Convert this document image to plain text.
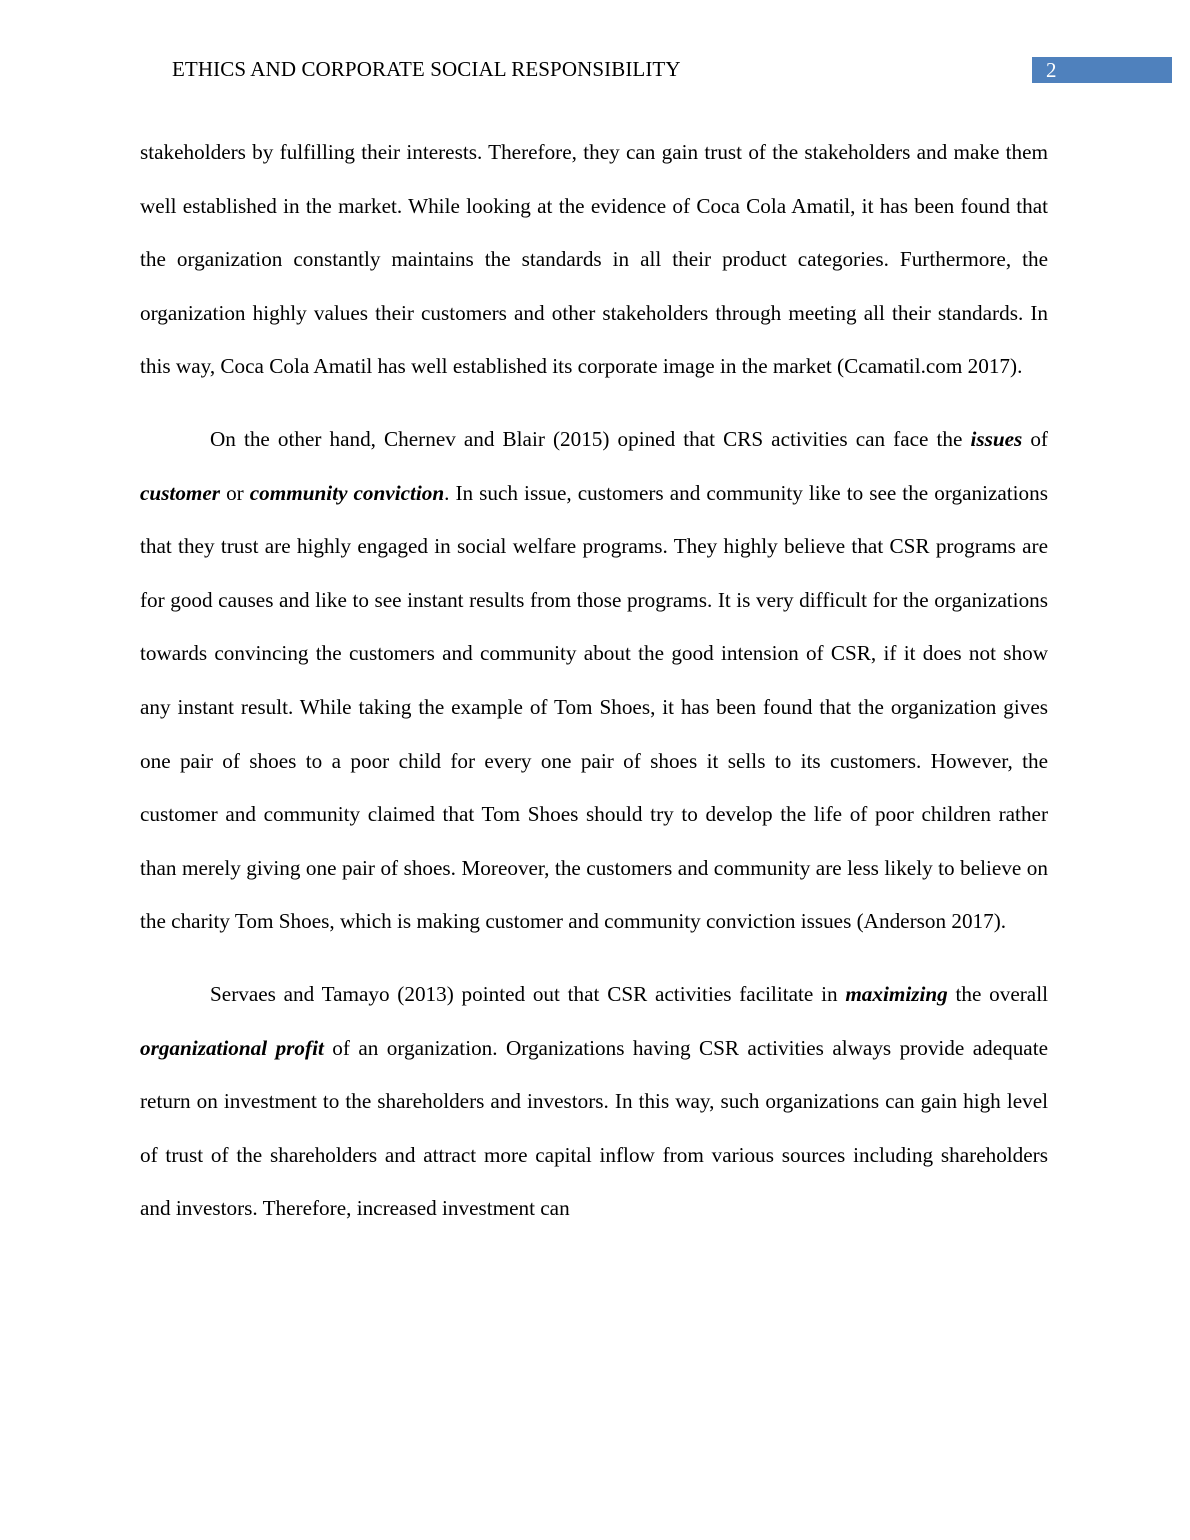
ETHICS AND CORPORATE SOCIAL RESPONSIBILITY	2

stakeholders by fulfilling their interests. Therefore, they can gain trust of the stakeholders and make them well established in the market. While looking at the evidence of Coca Cola Amatil, it has been found that the organization constantly maintains the standards in all their product categories. Furthermore, the organization highly values their customers and other stakeholders through meeting all their standards. In this way, Coca Cola Amatil has well established its corporate image in the market (Ccamatil.com 2017).

On the other hand, Chernev and Blair (2015) opined that CRS activities can face the issues of customer or community conviction. In such issue, customers and community like to see the organizations that they trust are highly engaged in social welfare programs. They highly believe that CSR programs are for good causes and like to see instant results from those programs. It is very difficult for the organizations towards convincing the customers and community about the good intension of CSR, if it does not show any instant result. While taking the example of Tom Shoes, it has been found that the organization gives one pair of shoes to a poor child for every one pair of shoes it sells to its customers. However, the customer and community claimed that Tom Shoes should try to develop the life of poor children rather than merely giving one pair of shoes. Moreover, the customers and community are less likely to believe on the charity Tom Shoes, which is making customer and community conviction issues (Anderson 2017).

Servaes and Tamayo (2013) pointed out that CSR activities facilitate in maximizing the overall organizational profit of an organization. Organizations having CSR activities always provide adequate return on investment to the shareholders and investors. In this way, such organizations can gain high level of trust of the shareholders and attract more capital inflow from various sources including shareholders and investors. Therefore, increased investment can
